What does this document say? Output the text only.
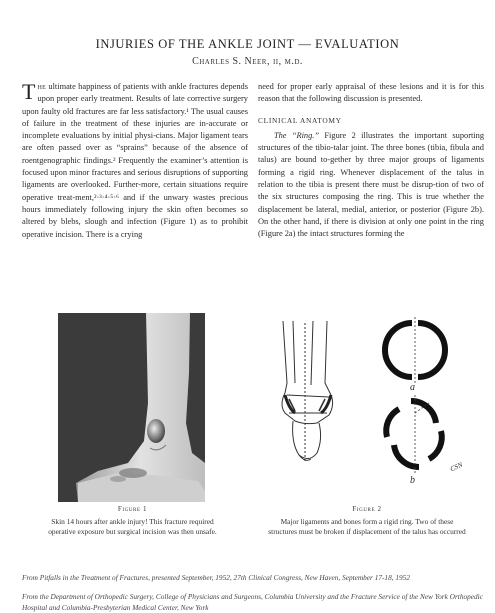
INJURIES OF THE ANKLE JOINT — EVALUATION
Charles S. Neer, ii, m.d.

The ultimate happiness of patients with ankle fractures depends upon proper early treatment. Results of late corrective surgery upon faulty old fractures are far less satisfactory.¹ The usual causes of failure in the treatment of these injuries are in-accurate or incomplete evaluations by initial physi-cians. Major ligament tears are often passed over as “sprains” because of the absence of roentgenographic findings.² Frequently the examiner’s attention is focused upon minor fractures and serious disruptions of supporting ligaments are overlooked. Further-more, certain situations require operative treat-ment,²·³·⁴·⁵·⁶ and if the unwary wastes precious hours immediately following injury the skin often becomes so altered by blebs, slough and infection (Figure 1) as to prohibit operative incision. There is a crying

need for proper early appraisal of these lesions and it is for this reason that the following discussion is presented.

CLINICAL ANATOMY

The “Ring.” Figure 2 illustrates the important suporting structures of the tibio-talar joint. The three bones (tibia, fibula and talus) are bound to-gether by three major groups of ligaments forming a rigid ring. Whenever displacement of the talus in relation to the tibia is present there must be disrup-tion of two of the six structures composing the ring. This is true whether the displacement be lateral, medial, anterior, or posterior (Figure 2b). On the other hand, if there is division at only one point in the ring (Figure 2a) the intact structures forming the

a
b
CSN
Figure 1
Skin 14 hours after ankle injury! This fracture required operative exposure but surgical incision was then unsafe.
Figure 2
Major ligaments and bones form a rigid ring. Two of these structures must be broken if displacement of the talus has occurred
From Pitfalls in the Treatment of Fractures, presented September, 1952, 27th Clinical Congress, New Haven, September 17-18, 1952
From the Department of Orthopedic Surgery, College of Physicians and Surgeons, Columbia University and the Fracture Service of the New York Orthopedic Hospital and Columbia-Presbyterian Medical Center, New York
